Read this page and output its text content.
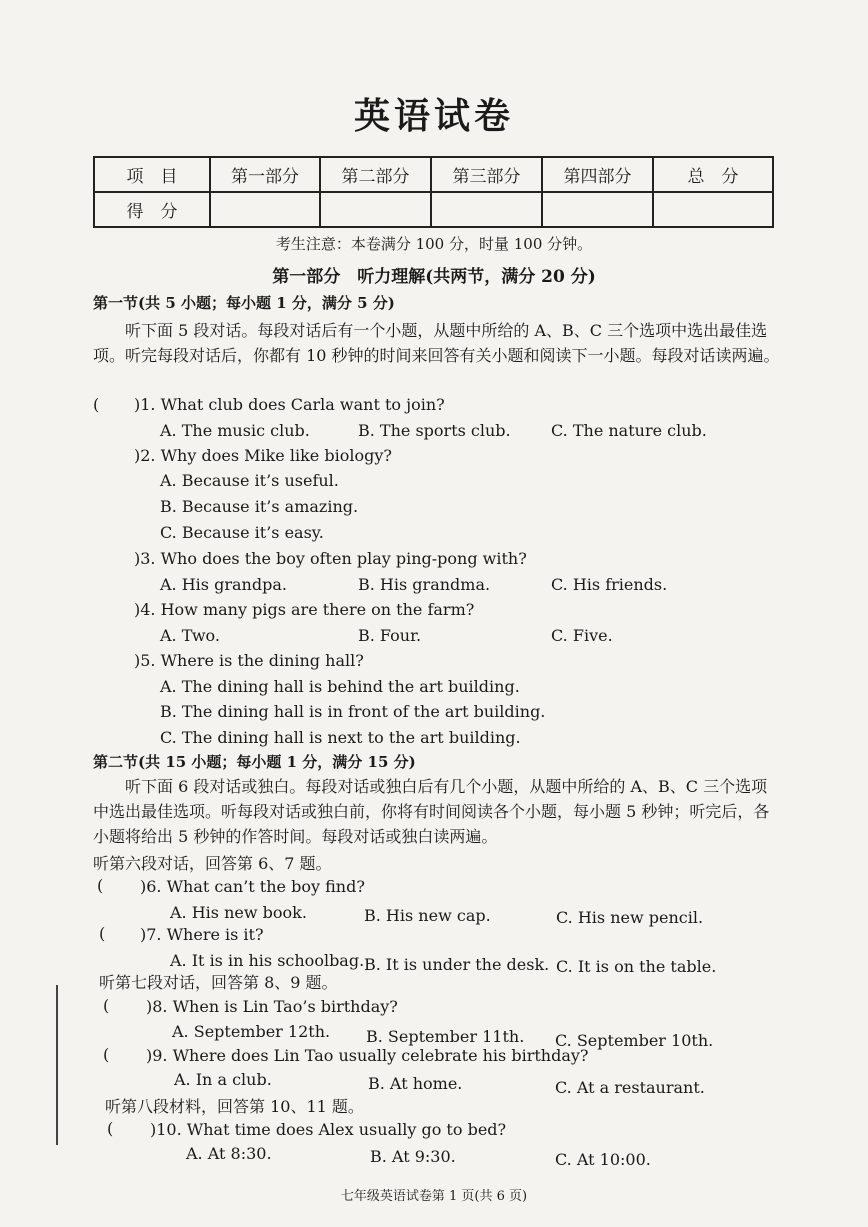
英语试卷
项　目	第一部分	第二部分	第三部分	第四部分	总　分
得　分					
考生注意：本卷满分 100 分，时量 100 分钟。
第一部分　听力理解(共两节，满分 20 分)
第一节(共 5 小题；每小题 1 分，满分 5 分)
听下面 5 段对话。每段对话后有一个小题，从题中所给的 A、B、C 三个选项中选出最佳选项。听完每段对话后，你都有 10 秒钟的时间来回答有关小题和阅读下一小题。每段对话读两遍。
( )1. What club does Carla want to join?
A. The music club.	B. The sports club.	C. The nature club.
)2. Why does Mike like biology?
A. Because it’s useful.
B. Because it’s amazing.
C. Because it’s easy.
)3. Who does the boy often play ping-pong with?
A. His grandpa.	B. His grandma.	C. His friends.
)4. How many pigs are there on the farm?
A. Two.	B. Four.	C. Five.
)5. Where is the dining hall?
A. The dining hall is behind the art building.
B. The dining hall is in front of the art building.
C. The dining hall is next to the art building.
第二节(共 15 小题；每小题 1 分，满分 15 分)
听下面 6 段对话或独白。每段对话或独白后有几个小题，从题中所给的 A、B、C 三个选项中选出最佳选项。听每段对话或独白前，你将有时间阅读各个小题，每小题 5 秒钟；听完后，各小题将给出 5 秒钟的作答时间。每段对话或独白读两遍。
听第六段对话，回答第 6、7 题。
( )6. What can’t the boy find?
A. His new book.	B. His new cap.	C. His new pencil.
( )7. Where is it?
A. It is in his schoolbag. B. It is under the desk. C. It is on the table.
听第七段对话，回答第 8、9 题。
( )8. When is Lin Tao’s birthday?
A. September 12th. B. September 11th. C. September 10th.
( )9. Where does Lin Tao usually celebrate his birthday?
A. In a club.	B. At home.	C. At a restaurant.
听第八段材料，回答第 10、11 题。
( )10. What time does Alex usually go to bed?
A. At 8:30.	B. At 9:30.	C. At 10:00.
七年级英语试卷第 1 页(共 6 页)
